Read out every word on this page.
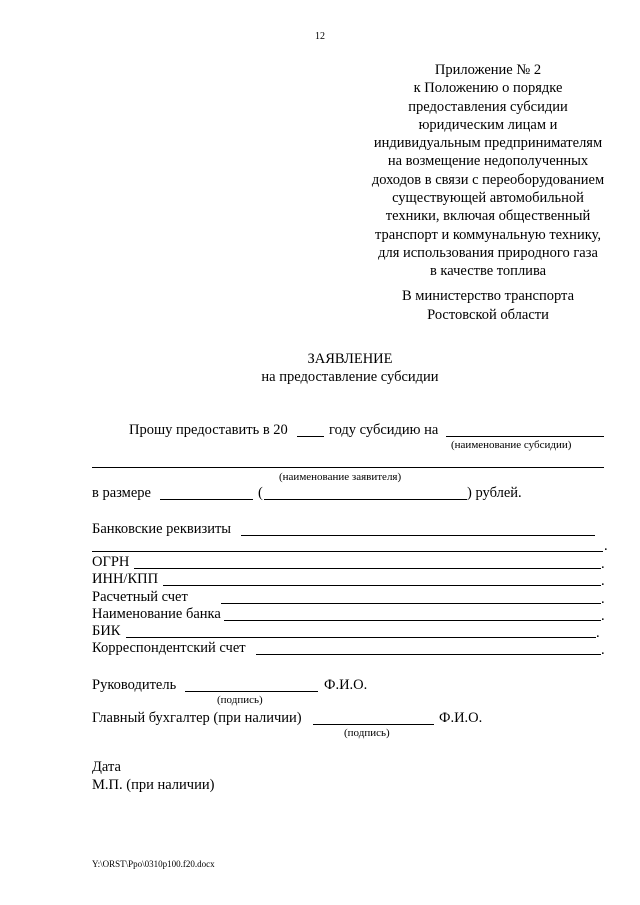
12
Приложение № 2
к Положению о порядке
предоставления субсидии
юридическим лицам и
индивидуальным предпринимателям
на возмещение недополученных
доходов в связи с переоборудованием
существующей автомобильной
техники, включая общественный
транспорт и коммунальную технику,
для использования природного газа
в качестве топлива
В министерство транспорта
Ростовской области
ЗАЯВЛЕНИЕ
на предоставление субсидии
Прошу предоставить в 20	году субсидию на
(наименование субсидии)
(наименование заявителя)
в размере	(	) рублей.
Банковские реквизиты
.
ОГРН	.
ИНН/КПП	.
Расчетный счет	.
Наименование банка	.
БИК	.
Корреспондентский счет	.
Руководитель	Ф.И.О.
(подпись)
Главный бухгалтер (при наличии)	Ф.И.О.
(подпись)
Дата
М.П. (при наличии)
Y:\ORST\Ppo\0310p100.f20.docx
